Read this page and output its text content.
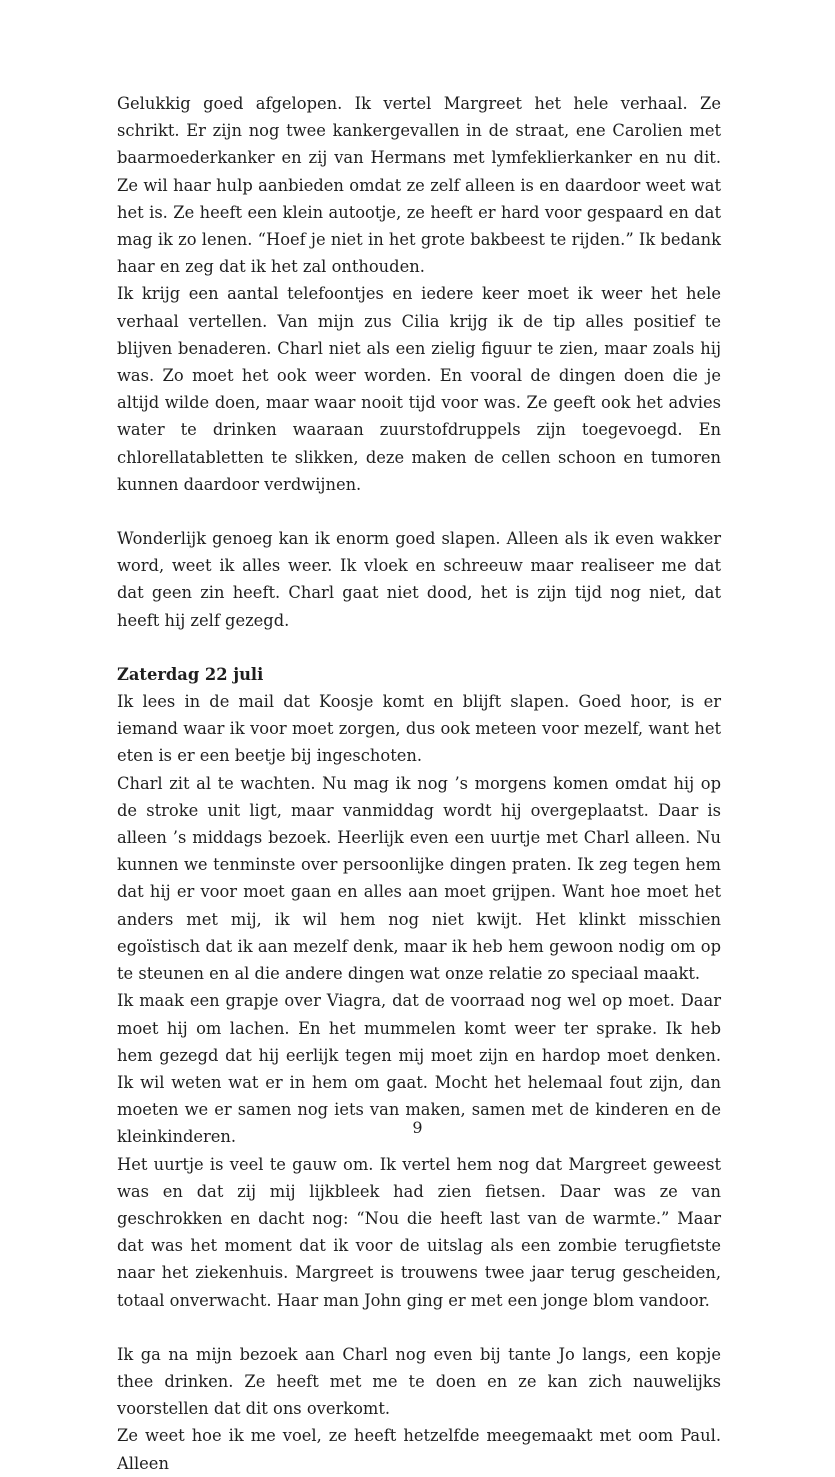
Gelukkig goed afgelopen. Ik vertel Margreet het hele verhaal. Ze schrikt. Er zijn nog twee kankergevallen in de straat, ene Carolien met baarmoederkanker en zij van Hermans met lymfeklierkanker en nu dit. Ze wil haar hulp aanbieden omdat ze zelf alleen is en daardoor weet wat het is. Ze heeft een klein autootje, ze heeft er hard voor gespaard en dat mag ik zo lenen. “Hoef je niet in het grote bakbeest te rijden.” Ik bedank haar en zeg dat ik het zal onthouden.

Ik krijg een aantal telefoontjes en iedere keer moet ik weer het hele verhaal vertellen. Van mijn zus Cilia krijg ik de tip alles positief te blijven benaderen. Charl niet als een zielig figuur te zien, maar zoals hij was. Zo moet het ook weer worden. En vooral de dingen doen die je altijd wilde doen, maar waar nooit tijd voor was. Ze geeft ook het advies water te drinken waaraan zuurstofdruppels zijn toegevoegd. En chlorellatabletten te slikken, deze maken de cellen schoon en tumoren kunnen daardoor verdwijnen.

Wonderlijk genoeg kan ik enorm goed slapen. Alleen als ik even wakker word, weet ik alles weer. Ik vloek en schreeuw maar realiseer me dat dat geen zin heeft. Charl gaat niet dood, het is zijn tijd nog niet, dat heeft hij zelf gezegd.

Zaterdag 22 juli

Ik lees in de mail dat Koosje komt en blijft slapen. Goed hoor, is er iemand waar ik voor moet zorgen, dus ook meteen voor mezelf, want het eten is er een beetje bij ingeschoten.

Charl zit al te wachten. Nu mag ik nog ’s morgens komen omdat hij op de stroke unit ligt, maar vanmiddag wordt hij overgeplaatst. Daar is alleen ’s middags bezoek. Heerlijk even een uurtje met Charl alleen. Nu kunnen we tenminste over persoonlijke dingen praten. Ik zeg tegen hem dat hij er voor moet gaan en alles aan moet grijpen. Want hoe moet het anders met mij, ik wil hem nog niet kwijt. Het klinkt misschien egoïstisch dat ik aan mezelf denk, maar ik heb hem gewoon nodig om op te steunen en al die andere dingen wat onze relatie zo speciaal maakt.

Ik maak een grapje over Viagra, dat de voorraad nog wel op moet. Daar moet hij om lachen. En het mummelen komt weer ter sprake. Ik heb hem gezegd dat hij eerlijk tegen mij moet zijn en hardop moet denken. Ik wil weten wat er in hem om gaat. Mocht het helemaal fout zijn, dan moeten we er samen nog iets van maken, samen met de kinderen en de kleinkinderen.

Het uurtje is veel te gauw om. Ik vertel hem nog dat Margreet geweest was en dat zij mij lijkbleek had zien fietsen. Daar was ze van geschrokken en dacht nog: “Nou die heeft last van de warmte.” Maar dat was het moment dat ik voor de uitslag als een zombie terugfietste naar het ziekenhuis. Margreet is trouwens twee jaar terug gescheiden, totaal onverwacht. Haar man John ging er met een jonge blom vandoor.

Ik ga na mijn bezoek aan Charl nog even bij tante Jo langs, een kopje thee drinken. Ze heeft met me te doen en ze kan zich nauwelijks voorstellen dat dit ons overkomt.

Ze weet hoe ik me voel, ze heeft hetzelfde meegemaakt met oom Paul. Alleen

9
